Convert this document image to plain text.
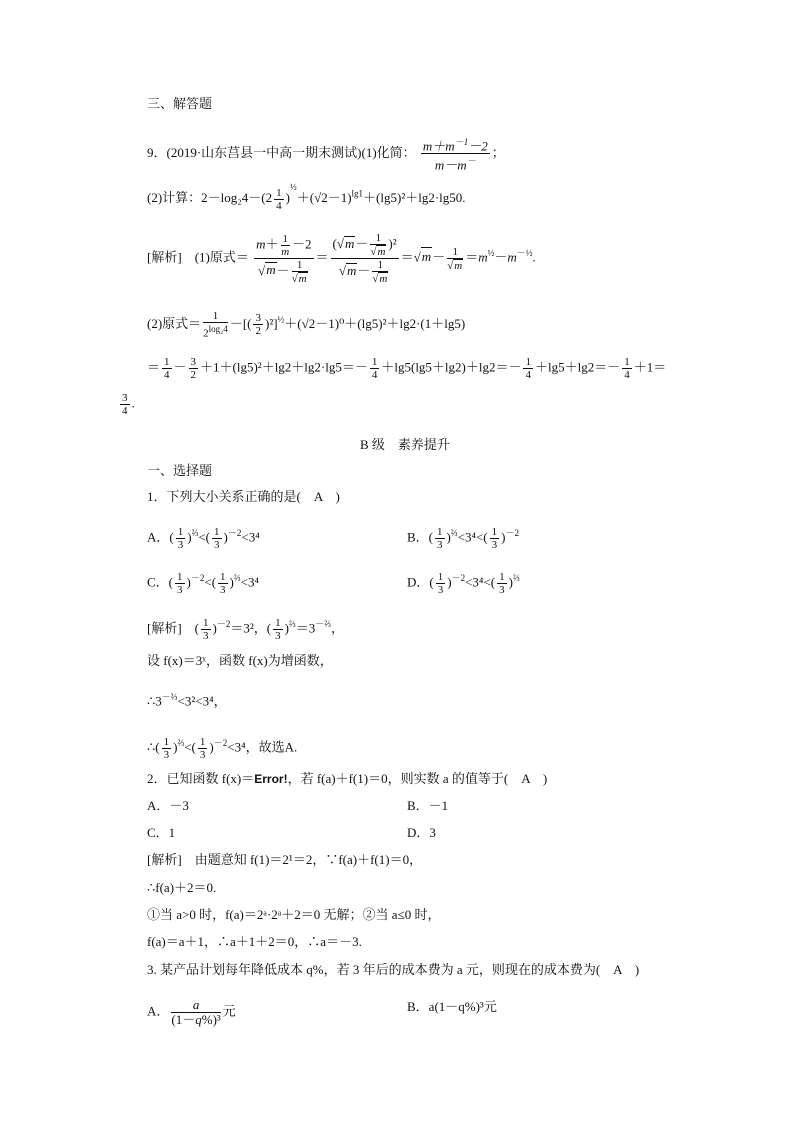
三、解答题
9．(2019·山东莒县一中高一期末测试)(1)化简： $\frac{m+m^{-1}-2}{m-m^-}$ ；
(2)计算：$2-\log_24-(2 \frac{1}{4} )^{\frac{1}{2}}+(√2-1)^{lg1}+(\lg 5)^2+\lg 2\cdot\lg 50$.
[解析]　 (1)原式＝ $\frac{m+ \frac{1}{m} -2}{√m- \frac{1}{√m}} = \frac{(√m- \frac{1}{√m} )^2}{√m- \frac{1}{√m}} =√m- \frac{1}{√m} =m^{\frac{1}{2}}-m^{-\frac{1}{2}}$.
(2)原式＝ $\frac{1}{2^{log_24}}$ －[( $\frac{3}{2} )^2]^{\frac{1}{2}}+(√2-1)^0+(\lg 5)^2+\lg 2\cdot(1+\lg 5)$
＝ $\frac{1}{4} - \frac{3}{2} +1+(\lg 5)^2+\lg 2+\lg 2\cdot\lg 5=- \frac{1}{4} +\lg 5(\lg 5+\lg 2)+\lg 2=- \frac{1}{4} +\lg 5+\lg 2=- \frac{1}{4} +1=$
$\frac{3}{4}$ .
B 级　素养提升
一、选择题
1．下列大小关系正确的是(　A　)
A．( $\frac{1}{3} )^{\frac{2}{3}}<( \frac{1}{3} )^{-2}<3^4$	B．( $\frac{1}{3} )^{\frac{2}{3}}<3^4<( \frac{1}{3} )^{-2}$
C．( $\frac{1}{3} )^{-2}<( \frac{1}{3} )^{\frac{2}{3}}<3^4$	D．( $\frac{1}{3} )^{-2}<3^4<( \frac{1}{3} )^{\frac{2}{3}}$
[解析]　( $\frac{1}{3} )^{-2}=3^2$，( $\frac{1}{3} )^{\frac{2}{3}}=3^{-\frac{2}{3}}$，
设 f(x)＝3ˣ，函数 f(x)为增函数，
$\therefore 3^{-\frac{2}{3}}<3^2<3^4$，
∴( $\frac{1}{3} )^{\frac{2}{3}}<( \frac{1}{3} )^{-2}<3^4$，故选A.
2．已知函数 f(x)＝Error!，若 f(a)＋f(1)＝0，则实数 a 的值等于(　A　)
A．－3	B．－1
C．1	D．3
[解析]　 由题意知 f(1)＝2¹＝2，∵f(a)＋f(1)＝0，
∴f(a)＋2＝0.
①当 a>0 时，f(a)＝2ᵃ·2ᵃ＋2＝0 无解；②当 a≤0 时，
f(a)＝a＋1，∴a＋1＋2＝0，∴a＝－3.
3. 某产品计划每年降低成本 q%，若 3 年后的成本费为 a 元，则现在的成本费为(　A　)
A． $\frac{a}{\text{(1－q\%)³}}$ 元	B．a(1－q%)³元
